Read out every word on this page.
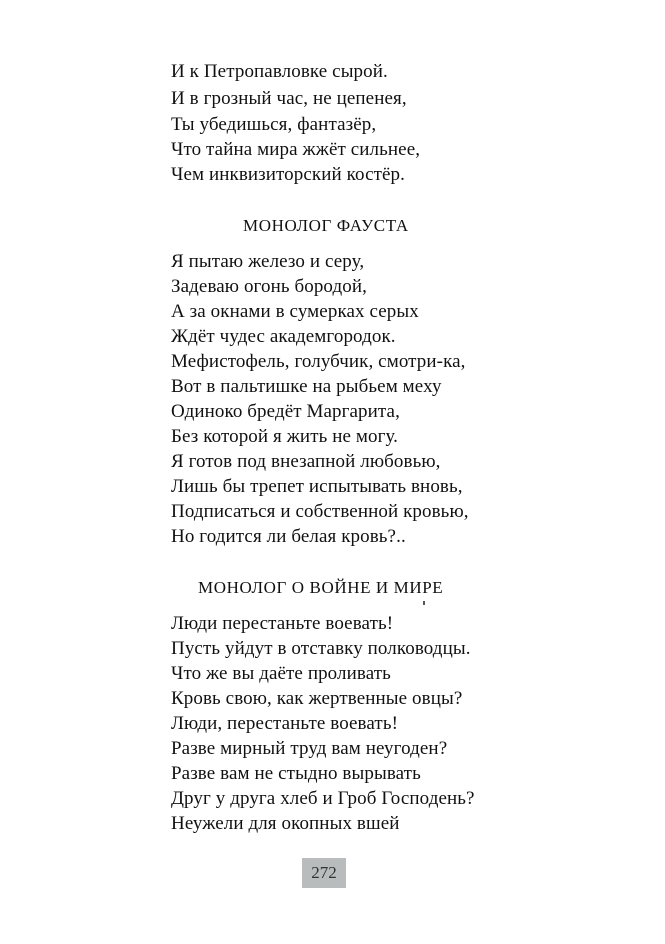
И к Петропавловке сырой.
И в грозный час, не цепенея,
Ты убедишься, фантазёр,
Что тайна мира жжёт сильнее,
Чем инквизиторский костёр.
МОНОЛОГ ФАУСТА
Я пытаю железо и серу,
Задеваю огонь бородой,
А за окнами в сумерках серых
Ждёт чудес академгородок.
Мефистофель, голубчик, смотри-ка,
Вот в пальтишке на рыбьем меху
Одиноко бредёт Маргарита,
Без которой я жить не могу.
Я готов под внезапной любовью,
Лишь бы трепет испытывать вновь,
Подписаться и собственной кровью,
Но годится ли белая кровь?..
МОНОЛОГ О ВОЙНЕ И МИРЕ
Люди перестаньте воевать!
Пусть уйдут в отставку полководцы.
Что же вы даёте проливать
Кровь свою, как жертвенные овцы?
Люди, перестаньте воевать!
Разве мирный труд вам неугоден?
Разве вам не стыдно вырывать
Друг у друга хлеб и Гроб Господень?
Неужели для окопных вшей
272
